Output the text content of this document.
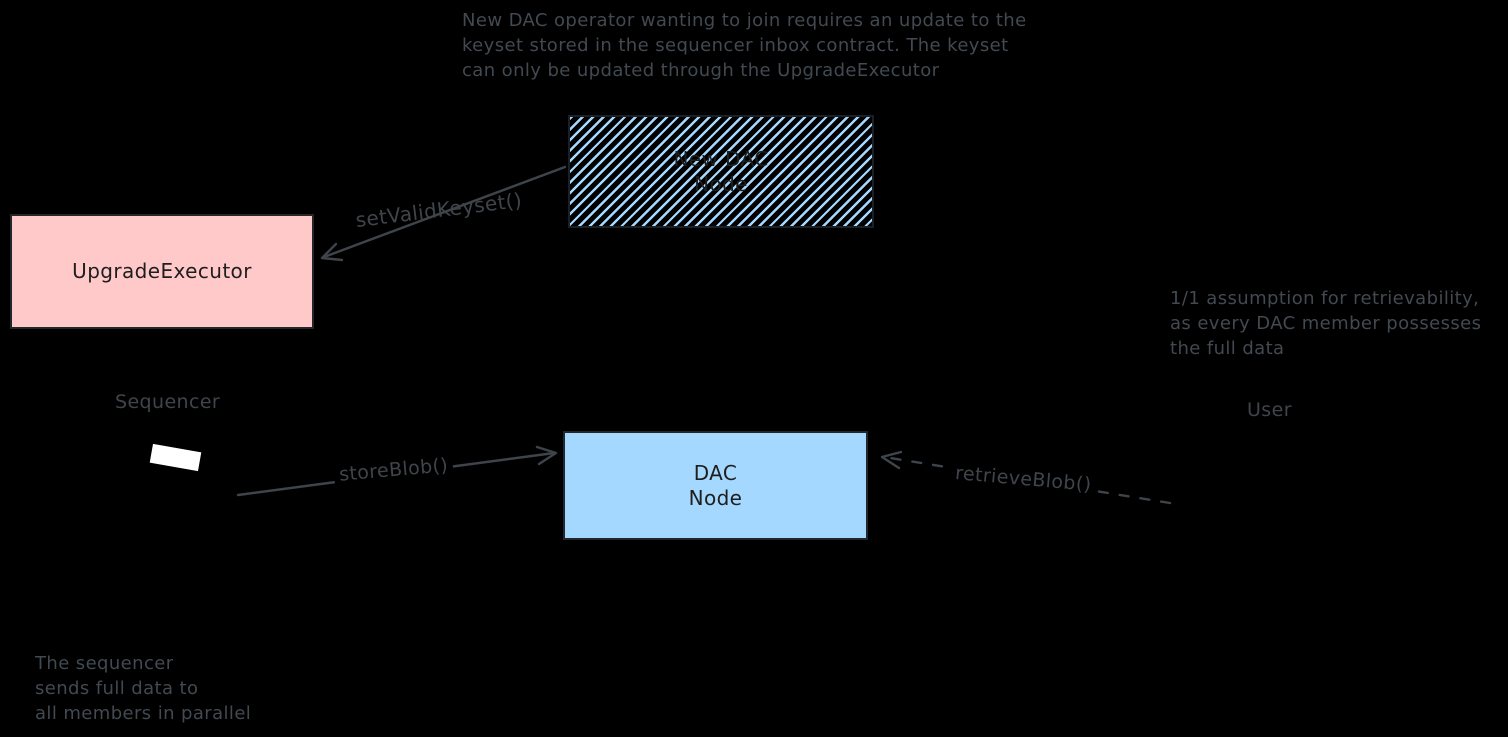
New DAC operator wanting to join requires an update to the
keyset stored in the sequencer inbox contract. The keyset
can only be updated through the UpgradeExecutor
New DAC
Node
setValidKeyset()
UpgradeExecutor
Sequencer
storeBlob()	DAC
Node
retrieveBlob()
User
1/1 assumption for retrievability,
as every DAC member possesses
the full data
The sequencer
sends full data to
all members in parallel
